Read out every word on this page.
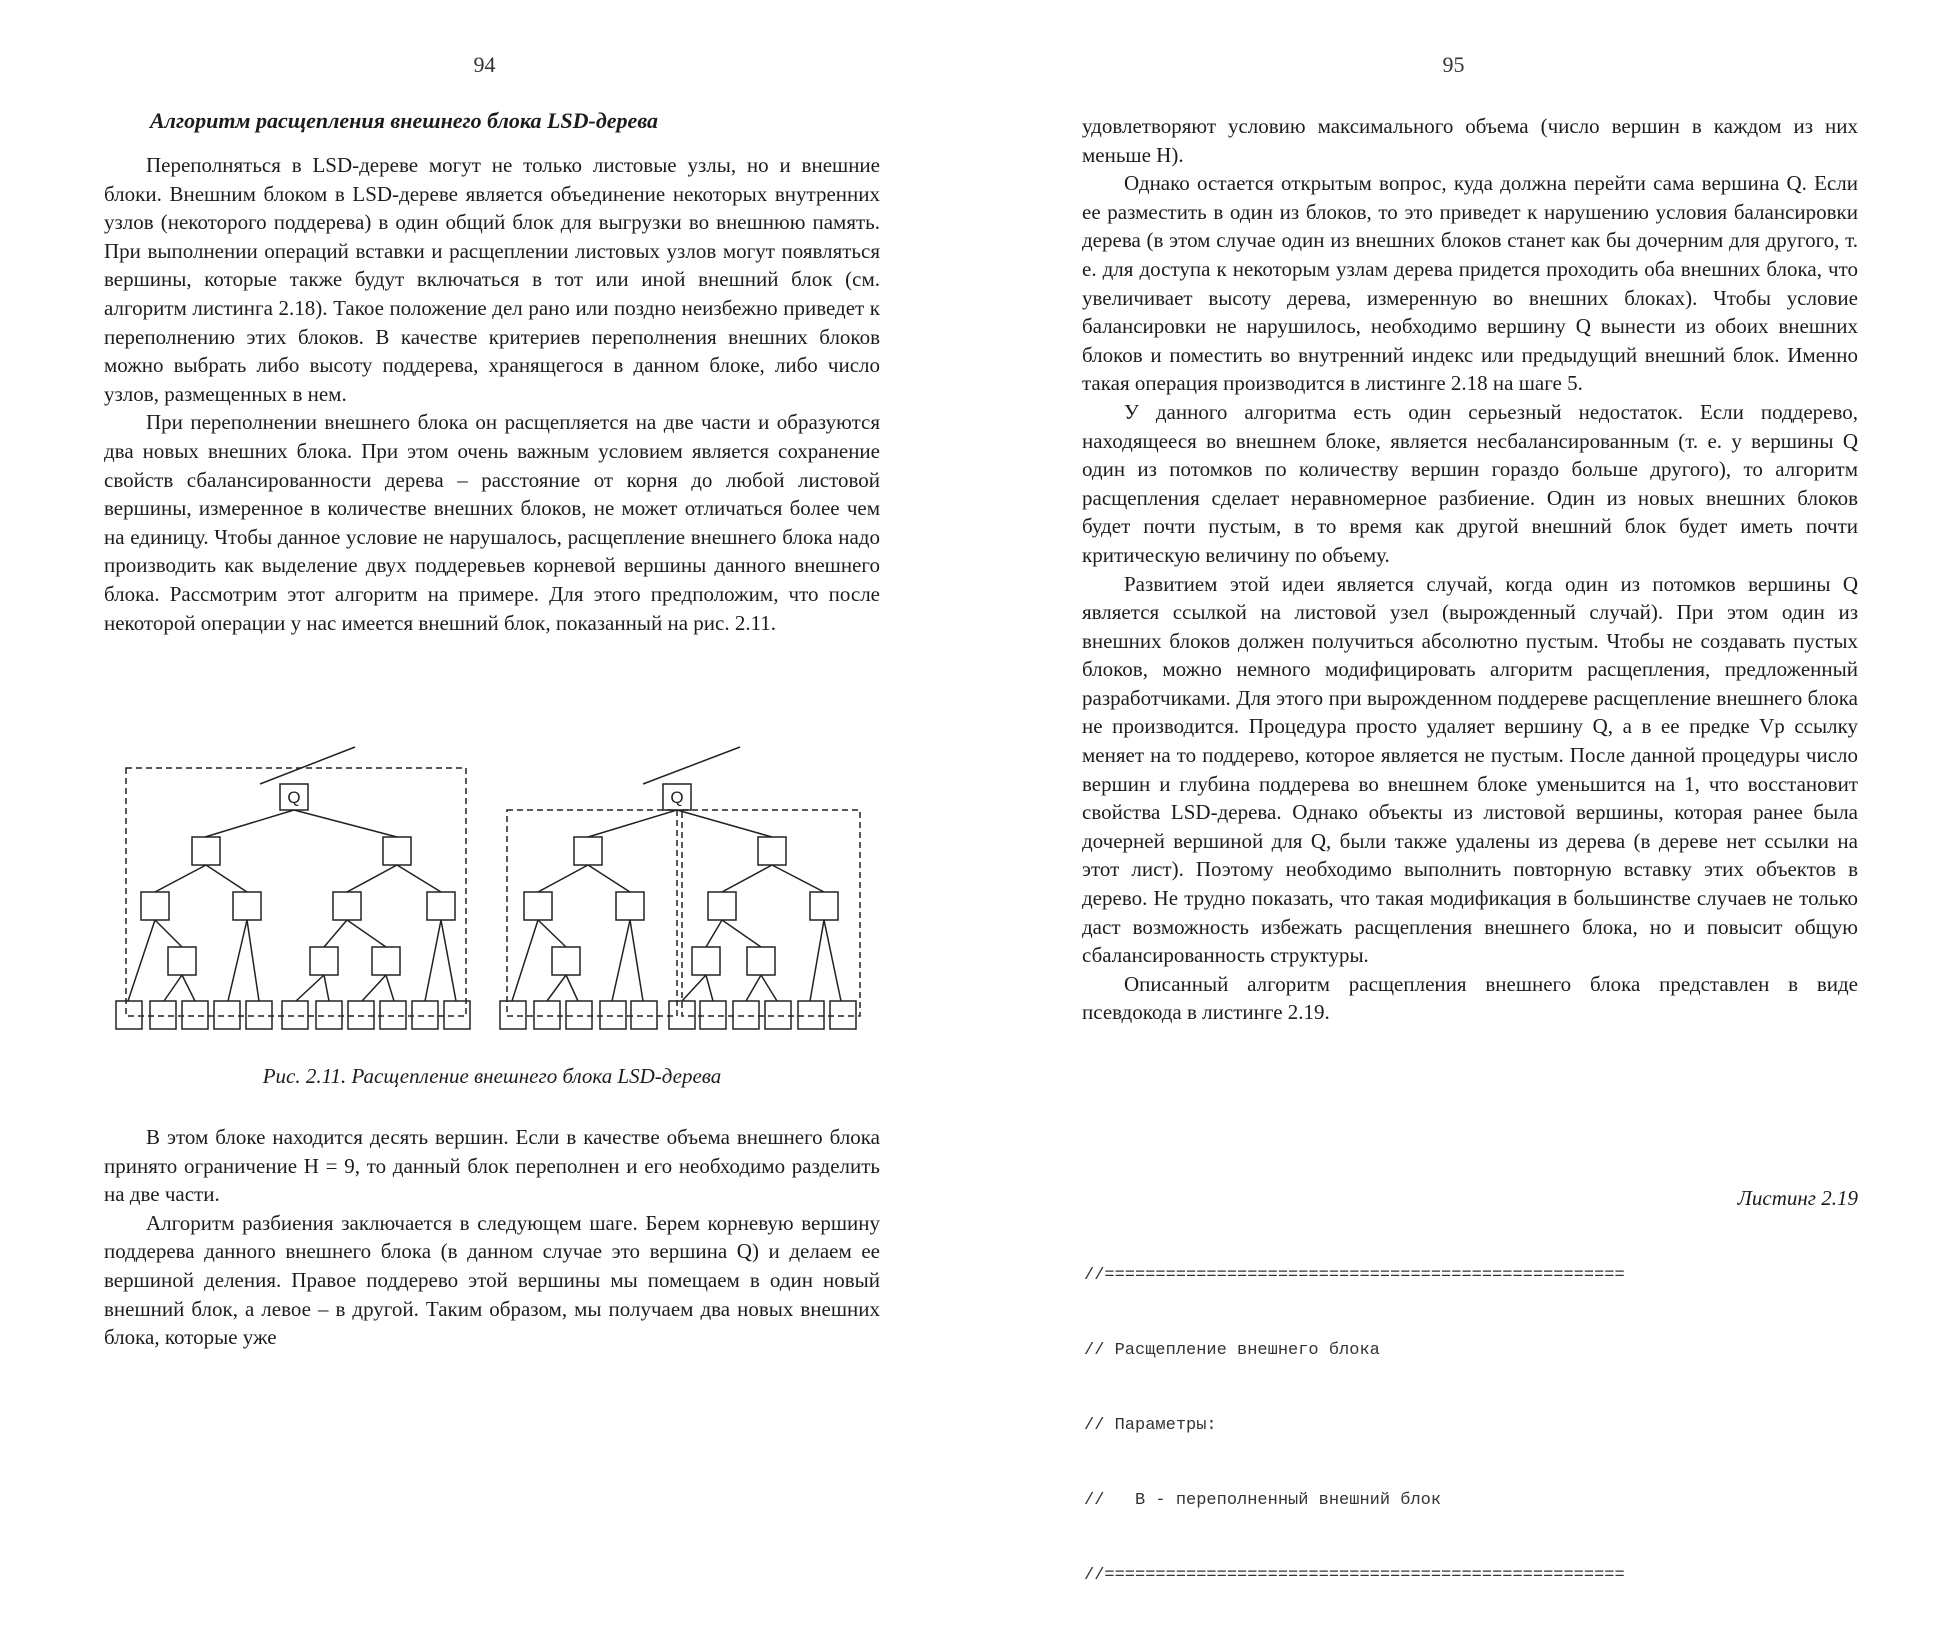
94
Алгоритм расщепления внешнего блока LSD-дерева

Переполняться в LSD-дереве могут не только листовые узлы, но и внешние блоки. Внешним блоком в LSD-дереве является объединение некоторых внутренних узлов (некоторого поддерева) в один общий блок для выгрузки во внешнюю память. При выполнении операций вставки и расщеплении листовых узлов могут появляться вершины, которые также будут включаться в тот или иной внешний блок (см. алгоритм листинга 2.18). Такое положение дел рано или поздно неизбежно приведет к переполнению этих блоков. В качестве критериев переполнения внешних блоков можно выбрать либо высоту поддерева, хранящегося в данном блоке, либо число узлов, размещенных в нем.

При переполнении внешнего блока он расщепляется на две части и образуются два новых внешних блока. При этом очень важным условием является сохранение свойств сбалансированности дерева – расстояние от корня до любой листовой вершины, измеренное в количестве внешних блоков, не может отличаться более чем на единицу. Чтобы данное условие не нарушалось, расщепление внешнего блока надо производить как выделение двух поддеревьев корневой вершины данного внешнего блока. Рассмотрим этот алгоритм на примере. Для этого предположим, что после некоторой операции у нас имеется внешний блок, показанный на рис. 2.11.

Q	Q
Рис. 2.11. Расщепление внешнего блока LSD-дерева

В этом блоке находится десять вершин. Если в качестве объема внешнего блока принято ограничение H = 9, то данный блок переполнен и его необходимо разделить на две части.

Алгоритм разбиения заключается в следующем шаге. Берем корневую вершину поддерева данного внешнего блока (в данном случае это вершина Q) и делаем ее вершиной деления. Правое поддерево этой вершины мы помещаем в один новый внешний блок, а левое – в другой. Таким образом, мы получаем два новых внешних блока, которые уже

95

удовлетворяют условию максимального объема (число вершин в каждом из них меньше H).

Однако остается открытым вопрос, куда должна перейти сама вершина Q. Если ее разместить в один из блоков, то это приведет к нарушению условия балансировки дерева (в этом случае один из внешних блоков станет как бы дочерним для другого, т. е. для доступа к некоторым узлам дерева придется проходить оба внешних блока, что увеличивает высоту дерева, измеренную во внешних блоках). Чтобы условие балансировки не нарушилось, необходимо вершину Q вынести из обоих внешних блоков и поместить во внутренний индекс или предыдущий внешний блок. Именно такая операция производится в листинге 2.18 на шаге 5.

У данного алгоритма есть один серьезный недостаток. Если поддерево, находящееся во внешнем блоке, является несбалансированным (т. е. у вершины Q один из потомков по количеству вершин гораздо больше другого), то алгоритм расщепления сделает неравномерное разбиение. Один из новых внешних блоков будет почти пустым, в то время как другой внешний блок будет иметь почти критическую величину по объему.

Развитием этой идеи является случай, когда один из потомков вершины Q является ссылкой на листовой узел (вырожденный случай). При этом один из внешних блоков должен получиться абсолютно пустым. Чтобы не создавать пустых блоков, можно немного модифицировать алгоритм расщепления, предложенный разработчиками. Для этого при вырожденном поддереве расщепление внешнего блока не производится. Процедура просто удаляет вершину Q, а в ее предке Vp ссылку меняет на то поддерево, которое является не пустым. После данной процедуры число вершин и глубина поддерева во внешнем блоке уменьшится на 1, что восстановит свойства LSD-дерева. Однако объекты из листовой вершины, которая ранее была дочерней вершиной для Q, были также удалены из дерева (в дереве нет ссылки на этот лист). Поэтому необходимо выполнить повторную вставку этих объектов в дерево. Не трудно показать, что такая модификация в большинстве случаев не только даст возможность избежать расщепления внешнего блока, но и повысит общую сбалансированность структуры.

Описанный алгоритм расщепления внешнего блока представлен в виде псевдокода в листинге 2.19.

Листинг 2.19

//===================================================

// Расщепление внешнего блока

// Параметры:

//   B - переполненный внешний блок

//===================================================
